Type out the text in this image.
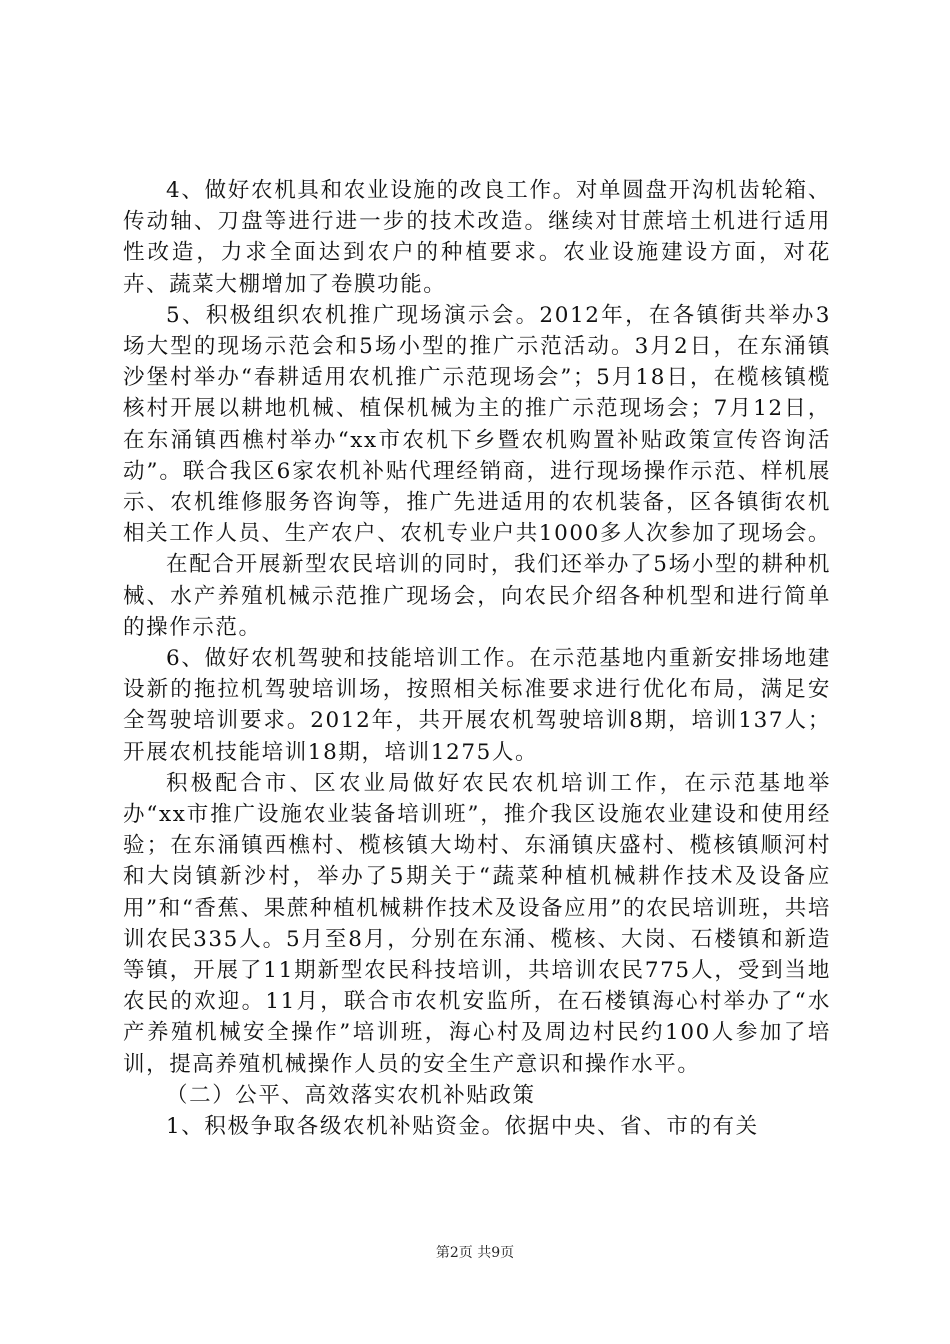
4、做好农机具和农业设施的改良工作。对单圆盘开沟机齿轮箱、传动轴、刀盘等进行进一步的技术改造。继续对甘蔗培土机进行适用性改造，力求全面达到农户的种植要求。农业设施建设方面，对花卉、蔬菜大棚增加了卷膜功能。

5、积极组织农机推广现场演示会。2012年，在各镇街共举办3场大型的现场示范会和5场小型的推广示范活动。3月2日，在东涌镇沙堡村举办“春耕适用农机推广示范现场会”；5月18日，在榄核镇榄核村开展以耕地机械、植保机械为主的推广示范现场会；7月12日，在东涌镇西樵村举办“xx市农机下乡暨农机购置补贴政策宣传咨询活动”。联合我区6家农机补贴代理经销商，进行现场操作示范、样机展示、农机维修服务咨询等，推广先进适用的农机装备，区各镇街农机相关工作人员、生产农户、农机专业户共1000多人次参加了现场会。

在配合开展新型农民培训的同时，我们还举办了5场小型的耕种机械、水产养殖机械示范推广现场会，向农民介绍各种机型和进行简单的操作示范。

6、做好农机驾驶和技能培训工作。在示范基地内重新安排场地建设新的拖拉机驾驶培训场，按照相关标准要求进行优化布局，满足安全驾驶培训要求。2012年，共开展农机驾驶培训8期，培训137人；开展农机技能培训18期，培训1275人。

积极配合市、区农业局做好农民农机培训工作，在示范基地举办“xx市推广设施农业装备培训班”，推介我区设施农业建设和使用经验；在东涌镇西樵村、榄核镇大坳村、东涌镇庆盛村、榄核镇顺河村和大岗镇新沙村，举办了5期关于“蔬菜种植机械耕作技术及设备应用”和“香蕉、果蔗种植机械耕作技术及设备应用”的农民培训班，共培训农民335人。5月至8月，分别在东涌、榄核、大岗、石楼镇和新造等镇，开展了11期新型农民科技培训，共培训农民775人，受到当地农民的欢迎。11月，联合市农机安监所，在石楼镇海心村举办了“水产养殖机械安全操作”培训班，海心村及周边村民约100人参加了培训，提高养殖机械操作人员的安全生产意识和操作水平。

（二）公平、高效落实农机补贴政策

1、积极争取各级农机补贴资金。依据中央、省、市的有关

第2页 共9页
